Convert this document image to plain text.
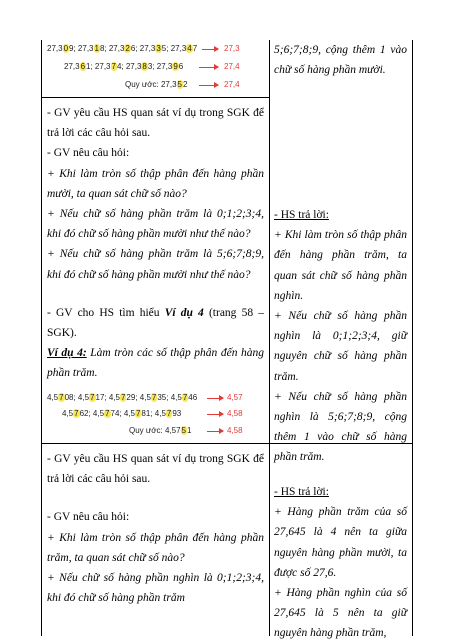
27,309; 27,318; 27,326; 27,335; 27,347
27,361; 27,374; 27,383; 27,396
Quy ước: 27,352
27,3
27,4
27,4

- GV yêu cầu HS quan sát ví dụ trong SGK để trả lời các câu hỏi sau.

- GV nêu câu hỏi:

+ Khi làm tròn số thập phân đến hàng phần mười, ta quan sát chữ số nào?

+ Nếu chữ số hàng phần trăm là 0;1;2;3;4, khi đó chữ số hàng phần mười như thế nào?

+ Nếu chữ số hàng phần trăm là 5;6;7;8;9, khi đó chữ số hàng phần mười như thế nào?

- GV cho HS tìm hiểu Ví dụ 4 (trang 58 – SGK).

Ví dụ 4: Làm tròn các số thập phân đến hàng phần trăm.

4,5708; 4,5717; 4,5729; 4,5735; 4,5746
4,5762; 4,5774; 4,5781; 4,5793
Quy ước: 4,5751
4,57
4,58
4,58

- GV yêu cầu HS quan sát ví dụ trong SGK để trả lời các câu hỏi sau.

- GV nêu câu hỏi:

+ Khi làm tròn số thập phân đến hàng phần trăm, ta quan sát chữ số nào?

+ Nếu chữ số hàng phần nghìn là 0;1;2;3;4, khi đó chữ số hàng phần trăm

5;6;7;8;9, cộng thêm 1 vào chữ số hàng phần mười.

- HS trả lời:

+ Khi làm tròn số thập phân đến hàng phần trăm, ta quan sát chữ số hàng phần nghìn.

+ Nếu chữ số hàng phần nghìn là 0;1;2;3;4, giữ nguyên chữ số hàng phần trăm.

+ Nếu chữ số hàng phần nghìn là 5;6;7;8;9, cộng thêm 1 vào chữ số hàng phần trăm.

- HS trả lời:

+ Hàng phần trăm của số 27,645 là 4 nên ta giữa nguyên hàng phần mười, ta được số 27,6.

+ Hàng phần nghìn của số 27,645 là 5 nên ta giữ nguyên hàng phần trăm,
